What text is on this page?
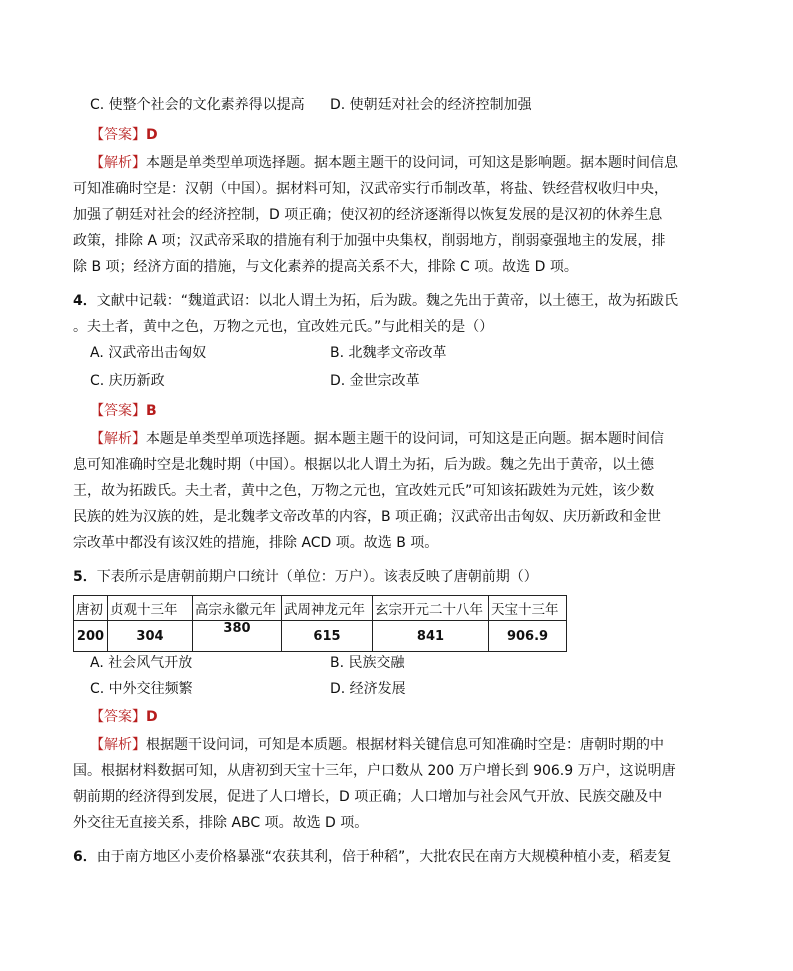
C. 使整个社会的文化素养得以提高 D. 使朝廷对社会的经济控制加强
【答案】D
【解析】本题是单类型单项选择题。据本题主题干的设问词，可知这是影响题。据本题时间信息
可知准确时空是：汉朝（中国）。据材料可知，汉武帝实行币制改革，将盐、铁经营权收归中央，
加强了朝廷对社会的经济控制，D 项正确；使汉初的经济逐渐得以恢复发展的是汉初的休养生息
政策，排除 A 项；汉武帝采取的措施有利于加强中央集权，削弱地方，削弱豪强地主的发展，排
除 B 项；经济方面的措施，与文化素养的提高关系不大，排除 C 项。故选 D 项。
4．文献中记载：“魏道武诏：以北人谓土为拓，后为跋。魏之先出于黄帝，以土德王，故为拓跋氏
。夫土者，黄中之色，万物之元也，宜改姓元氏。”与此相关的是（）
A. 汉武帝出击匈奴	B. 北魏孝文帝改革
C. 庆历新政	D. 金世宗改革
【答案】B
【解析】本题是单类型单项选择题。据本题主题干的设问词，可知这是正向题。据本题时间信
息可知准确时空是北魏时期（中国）。根据以北人谓土为拓，后为跋。魏之先出于黄帝，以土德
王，故为拓跋氏。夫土者，黄中之色，万物之元也，宜改姓元氏”可知该拓跋姓为元姓，该少数
民族的姓为汉族的姓，是北魏孝文帝改革的内容，B 项正确；汉武帝出击匈奴、庆历新政和金世
宗改革中都没有该汉姓的措施，排除 ACD 项。故选 B 项。
5．下表所示是唐朝前期户口统计（单位：万户）。该表反映了唐朝前期（）
唐初	贞观十三年	高宗永徽元年	武周神龙元年	玄宗开元二十八年	天宝十三年
200	304	380	615	841	906.9
A. 社会风气开放	B. 民族交融
C. 中外交往频繁	D. 经济发展
【答案】D
【解析】根据题干设问词，可知是本质题。根据材料关键信息可知准确时空是：唐朝时期的中
国。根据材料数据可知，从唐初到天宝十三年，户口数从 200 万户增长到 906.9 万户，这说明唐
朝前期的经济得到发展，促进了人口增长，D 项正确；人口增加与社会风气开放、民族交融及中
外交往无直接关系，排除 ABC 项。故选 D 项。
6．由于南方地区小麦价格暴涨“农获其利，倍于种稻”，大批农民在南方大规模种植小麦，稻麦复
